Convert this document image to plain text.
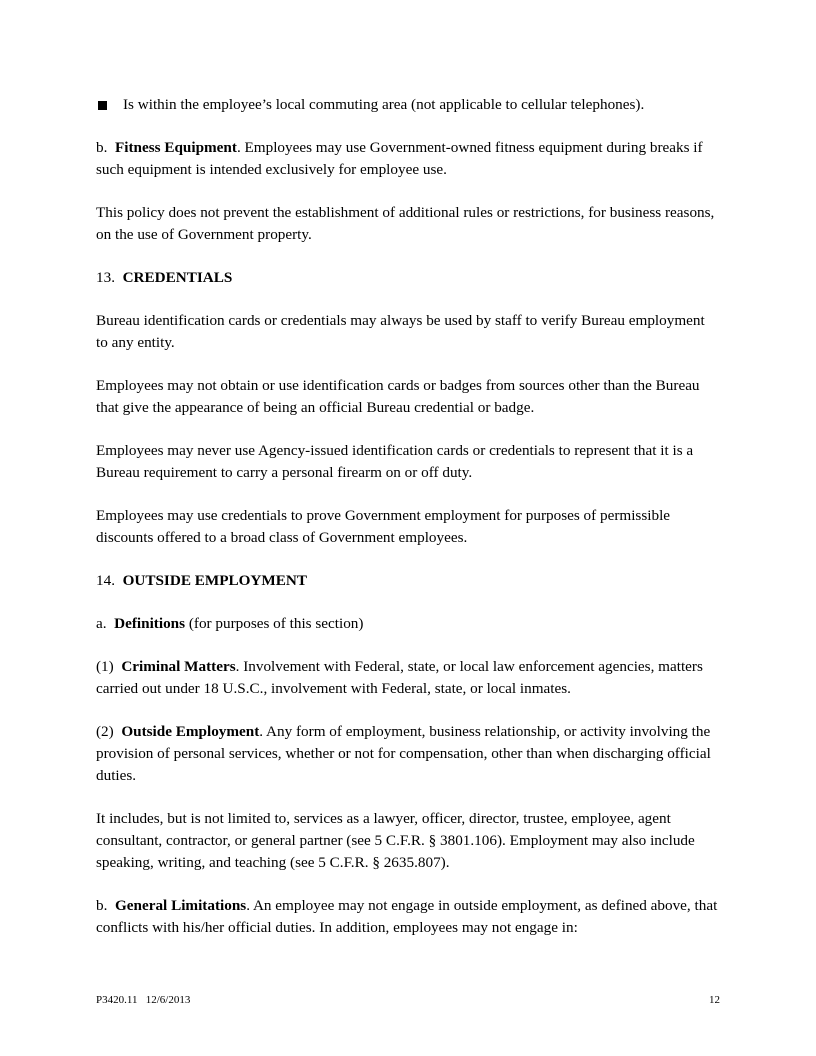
Is within the employee’s local commuting area (not applicable to cellular telephones).

b. Fitness Equipment. Employees may use Government-owned fitness equipment during breaks if such equipment is intended exclusively for employee use.

This policy does not prevent the establishment of additional rules or restrictions, for business reasons, on the use of Government property.

13. CREDENTIALS

Bureau identification cards or credentials may always be used by staff to verify Bureau employment to any entity.

Employees may not obtain or use identification cards or badges from sources other than the Bureau that give the appearance of being an official Bureau credential or badge.

Employees may never use Agency-issued identification cards or credentials to represent that it is a Bureau requirement to carry a personal firearm on or off duty.

Employees may use credentials to prove Government employment for purposes of permissible discounts offered to a broad class of Government employees.

14. OUTSIDE EMPLOYMENT

a. Definitions (for purposes of this section)

(1) Criminal Matters. Involvement with Federal, state, or local law enforcement agencies, matters carried out under 18 U.S.C., involvement with Federal, state, or local inmates.

(2) Outside Employment. Any form of employment, business relationship, or activity involving the provision of personal services, whether or not for compensation, other than when discharging official duties.

It includes, but is not limited to, services as a lawyer, officer, director, trustee, employee, agent consultant, contractor, or general partner (see 5 C.F.R. § 3801.106). Employment may also include speaking, writing, and teaching (see 5 C.F.R. § 2635.807).

b. General Limitations. An employee may not engage in outside employment, as defined above, that conflicts with his/her official duties. In addition, employees may not engage in:

P3420.11   12/6/2013	12
